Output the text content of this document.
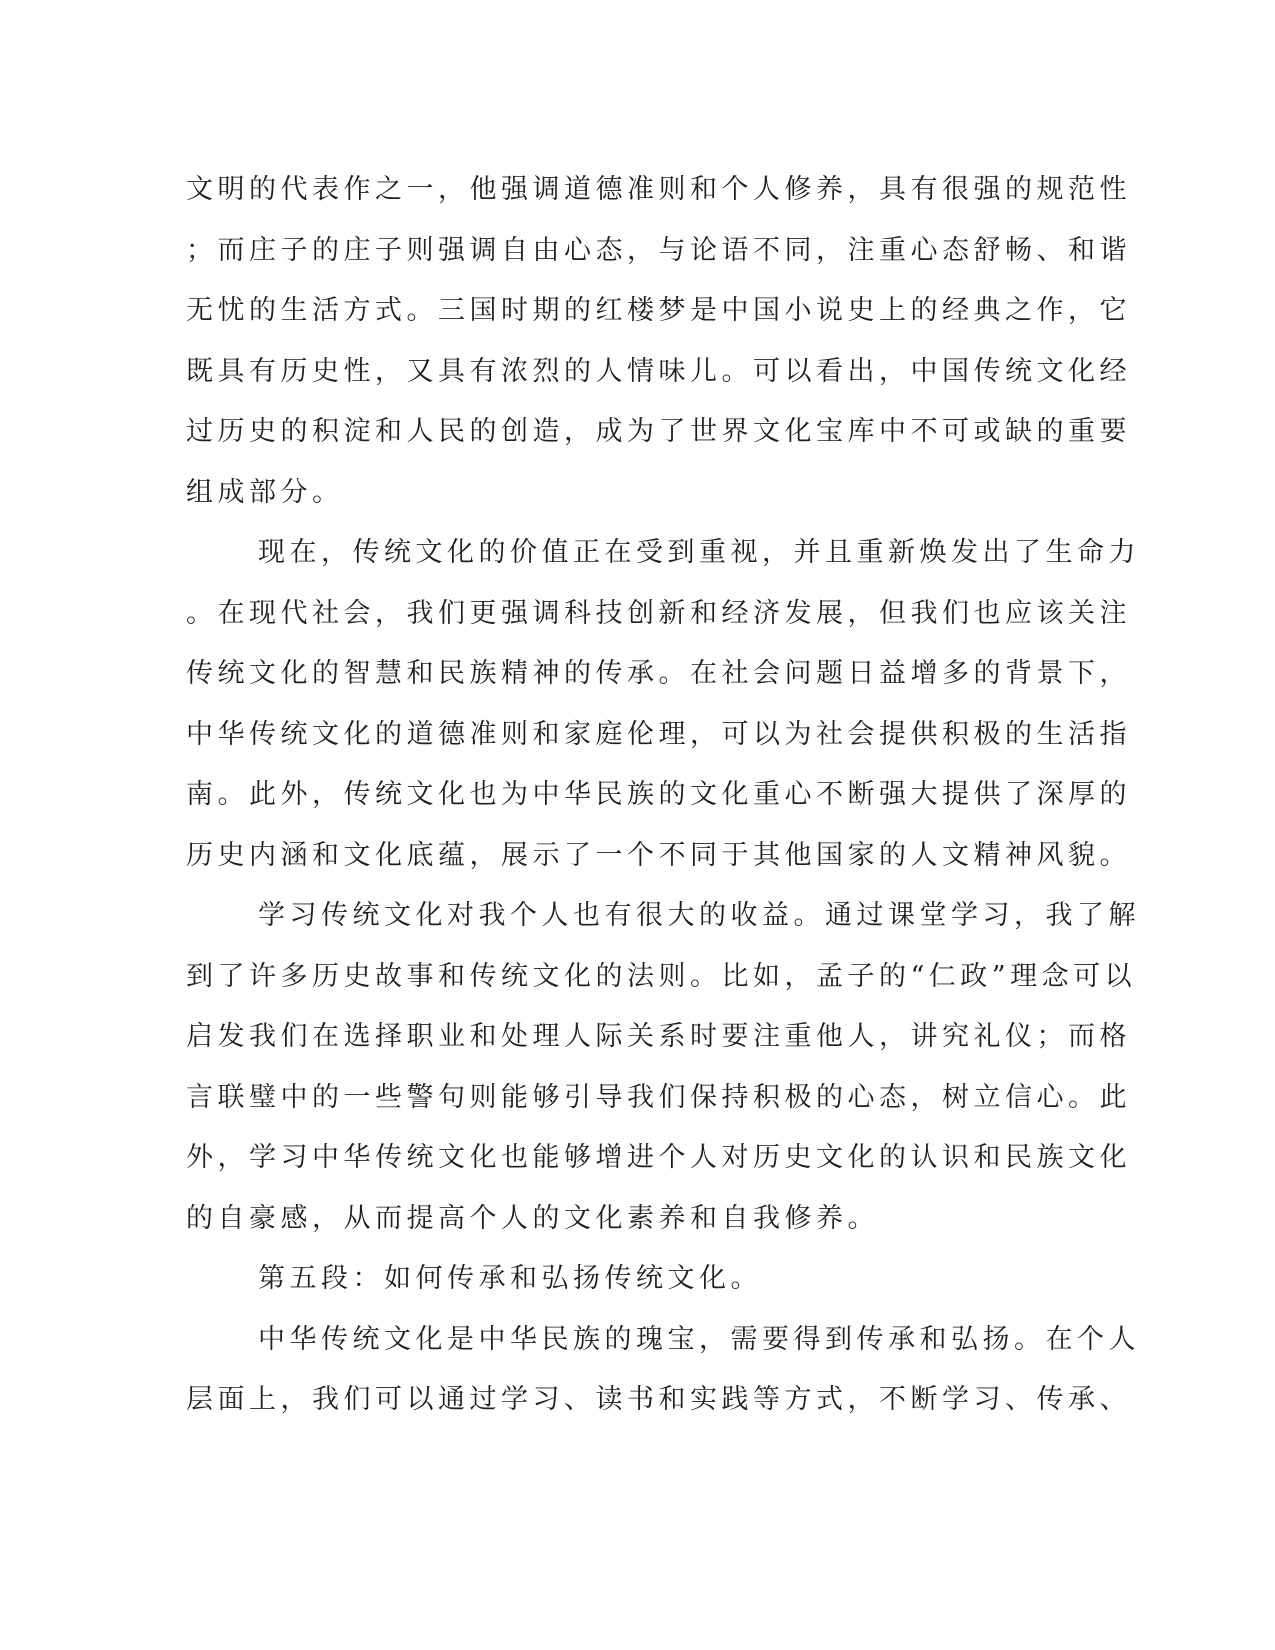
文明的代表作之一，他强调道德准则和个人修养，具有很强的规范性
；而庄子的庄子则强调自由心态，与论语不同，注重心态舒畅、和谐
无忧的生活方式。三国时期的红楼梦是中国小说史上的经典之作，它
既具有历史性，又具有浓烈的人情味儿。可以看出，中国传统文化经
过历史的积淀和人民的创造，成为了世界文化宝库中不可或缺的重要
组成部分。
现在，传统文化的价值正在受到重视，并且重新焕发出了生命力
。在现代社会，我们更强调科技创新和经济发展，但我们也应该关注
传统文化的智慧和民族精神的传承。在社会问题日益增多的背景下，
中华传统文化的道德准则和家庭伦理，可以为社会提供积极的生活指
南。此外，传统文化也为中华民族的文化重心不断强大提供了深厚的
历史内涵和文化底蕴，展示了一个不同于其他国家的人文精神风貌。
学习传统文化对我个人也有很大的收益。通过课堂学习，我了解
到了许多历史故事和传统文化的法则。比如，孟子的“仁政”理念可以
启发我们在选择职业和处理人际关系时要注重他人，讲究礼仪；而格
言联璧中的一些警句则能够引导我们保持积极的心态，树立信心。此
外，学习中华传统文化也能够增进个人对历史文化的认识和民族文化
的自豪感，从而提高个人的文化素养和自我修养。
第五段：如何传承和弘扬传统文化。
中华传统文化是中华民族的瑰宝，需要得到传承和弘扬。在个人
层面上，我们可以通过学习、读书和实践等方式，不断学习、传承、
